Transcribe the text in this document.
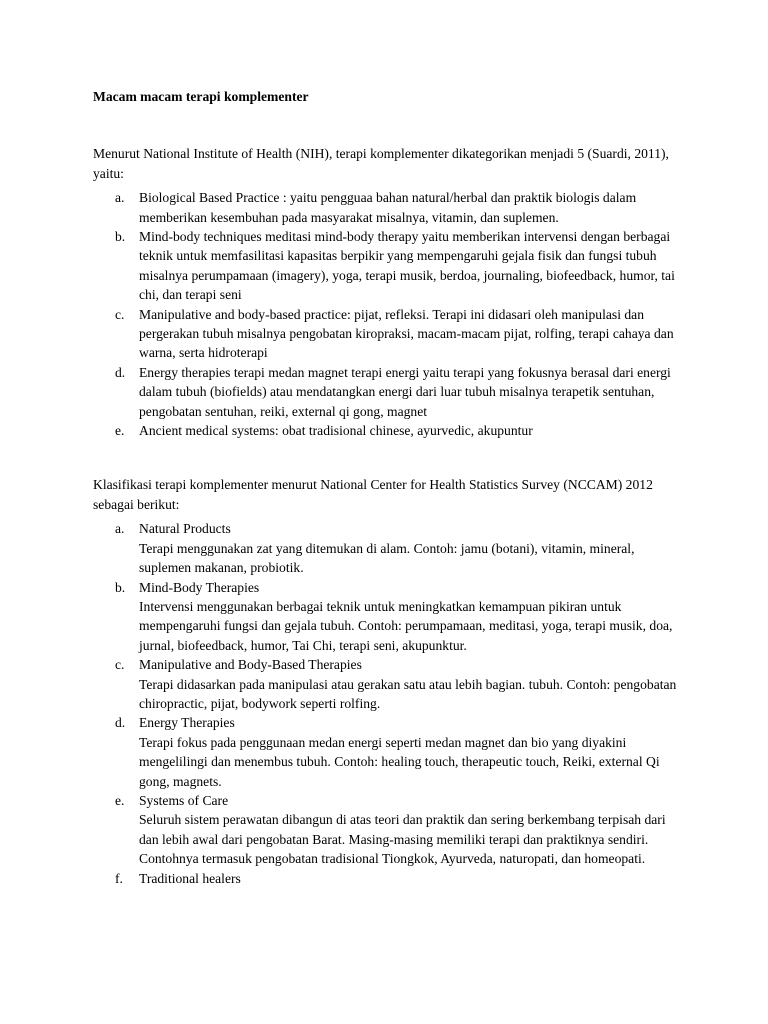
Macam macam terapi komplementer

Menurut National Institute of Health (NIH), terapi komplementer dikategorikan menjadi 5 (Suardi, 2011), yaitu:

a. Biological Based Practice : yaitu pengguaa bahan natural/herbal dan praktik biologis dalam memberikan kesembuhan pada masyarakat misalnya, vitamin, dan suplemen.
b. Mind-body techniques meditasi mind-body therapy yaitu memberikan intervensi dengan berbagai teknik untuk memfasilitasi kapasitas berpikir yang mempengaruhi gejala fisik dan fungsi tubuh misalnya perumpamaan (imagery), yoga, terapi musik, berdoa, journaling, biofeedback, humor, tai chi, dan terapi seni
c. Manipulative and body-based practice: pijat, refleksi. Terapi ini didasari oleh manipulasi dan pergerakan tubuh misalnya pengobatan kiropraksi, macam-macam pijat, rolfing, terapi cahaya dan warna, serta hidroterapi
d. Energy therapies terapi medan magnet terapi energi yaitu terapi yang fokusnya berasal dari energi dalam tubuh (biofields) atau mendatangkan energi dari luar tubuh misalnya terapetik sentuhan, pengobatan sentuhan, reiki, external qi gong, magnet
e. Ancient medical systems: obat tradisional chinese, ayurvedic, akupuntur

Klasifikasi terapi komplementer menurut National Center for Health Statistics Survey (NCCAM) 2012 sebagai berikut:

a. Natural Products
Terapi menggunakan zat yang ditemukan di alam. Contoh: jamu (botani), vitamin, mineral, suplemen makanan, probiotik.
b. Mind-Body Therapies
Intervensi menggunakan berbagai teknik untuk meningkatkan kemampuan pikiran untuk mempengaruhi fungsi dan gejala tubuh. Contoh: perumpamaan, meditasi, yoga, terapi musik, doa, jurnal, biofeedback, humor, Tai Chi, terapi seni, akupunktur.
c. Manipulative and Body-Based Therapies
Terapi didasarkan pada manipulasi atau gerakan satu atau lebih bagian. tubuh. Contoh: pengobatan chiropractic, pijat, bodywork seperti rolfing.
d. Energy Therapies
Terapi fokus pada penggunaan medan energi seperti medan magnet dan bio yang diyakini mengelilingi dan menembus tubuh. Contoh: healing touch, therapeutic touch, Reiki, external Qi gong, magnets.
e. Systems of Care
Seluruh sistem perawatan dibangun di atas teori dan praktik dan sering berkembang terpisah dari dan lebih awal dari pengobatan Barat. Masing-masing memiliki terapi dan praktiknya sendiri. Contohnya termasuk pengobatan tradisional Tiongkok, Ayurveda, naturopati, dan homeopati.
f. Traditional healers
